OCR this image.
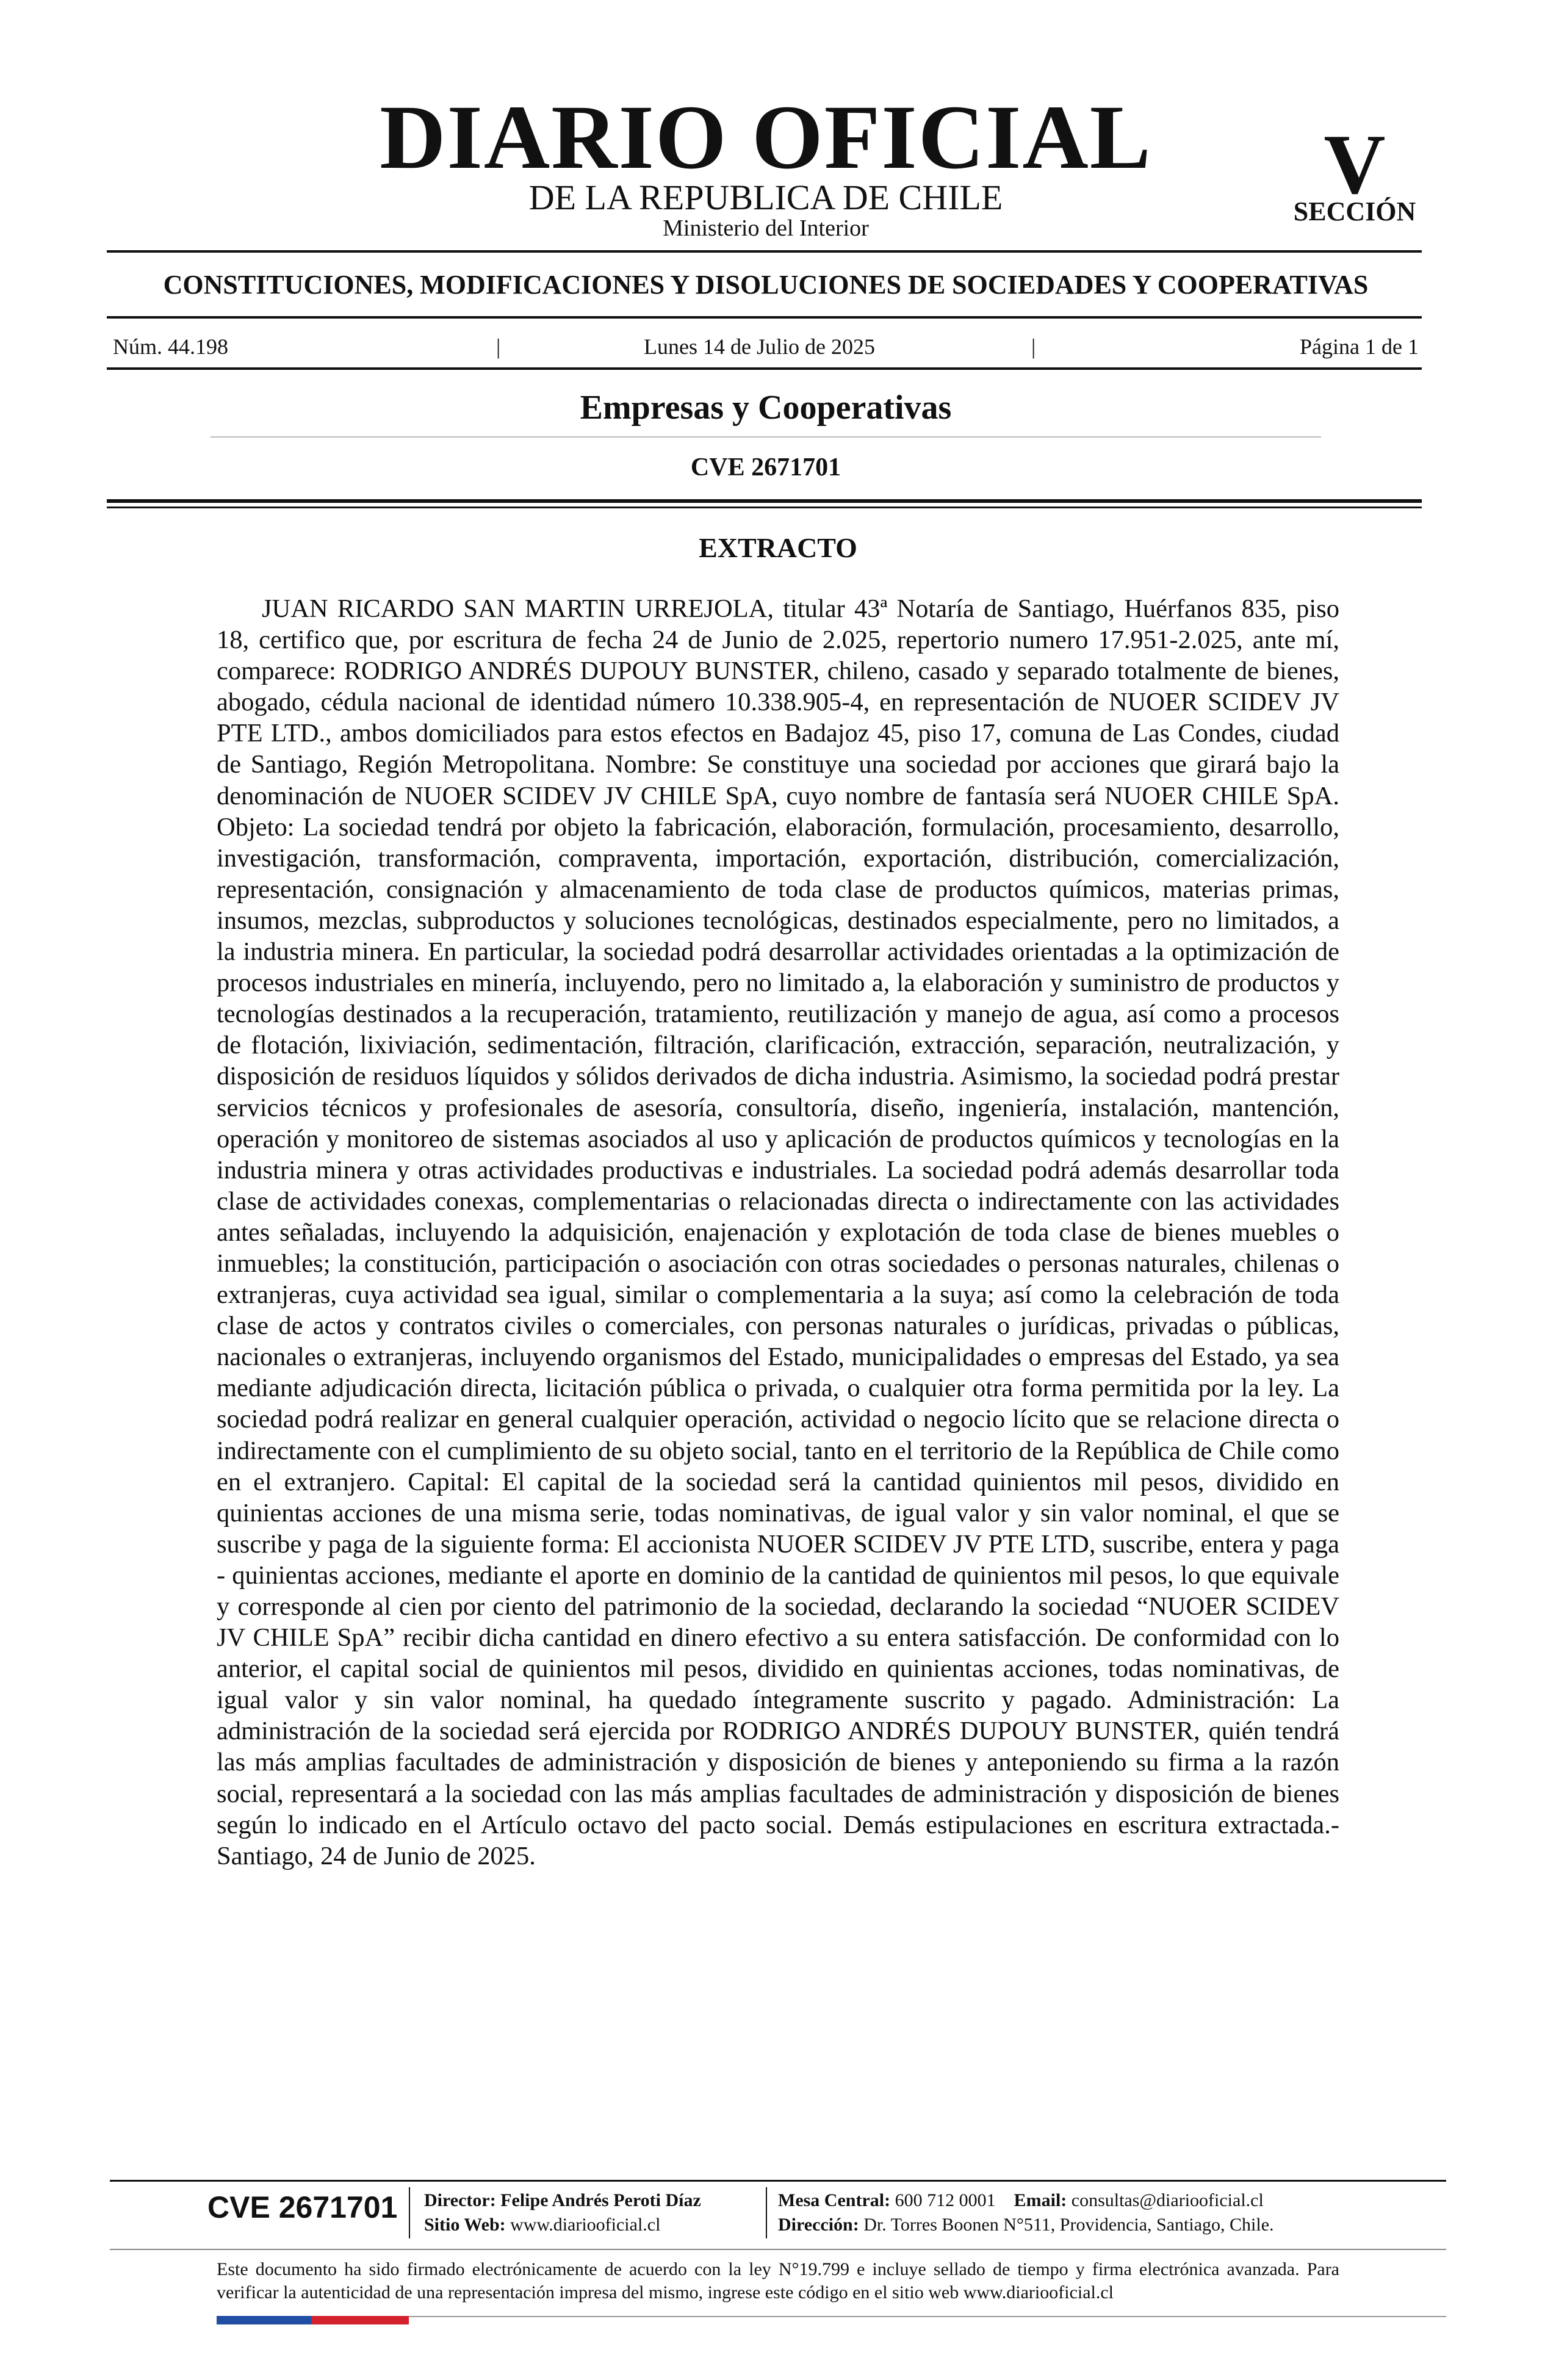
DIARIO OFICIAL
DE LA REPUBLICA DE CHILE
Ministerio del Interior
V
SECCIÓN
CONSTITUCIONES, MODIFICACIONES Y DISOLUCIONES DE SOCIEDADES Y COOPERATIVAS
Núm. 44.198	|	Lunes 14 de Julio de 2025	|	Página 1 de 1
Empresas y Cooperativas
CVE 2671701
EXTRACTO

JUAN RICARDO SAN MARTIN URREJOLA, titular 43ª Notaría de Santiago, Huérfanos 835, piso 18, certifico que, por escritura de fecha 24 de Junio de 2.025, repertorio numero 17.951-2.025, ante mí, comparece: RODRIGO ANDRÉS DUPOUY BUNSTER, chileno, casado y separado totalmente de bienes, abogado, cédula nacional de identidad número 10.338.905-4, en representación de NUOER SCIDEV JV PTE LTD., ambos domiciliados para estos efectos en Badajoz 45, piso 17, comuna de Las Condes, ciudad de Santiago, Región Metropolitana. Nombre: Se constituye una sociedad por acciones que girará bajo la denominación de NUOER SCIDEV JV CHILE SpA, cuyo nombre de fantasía será NUOER CHILE SpA. Objeto: La sociedad tendrá por objeto la fabricación, elaboración, formulación, procesamiento, desarrollo, investigación, transformación, compraventa, importación, exportación, distribución, comercialización, representación, consignación y almacenamiento de toda clase de productos químicos, materias primas, insumos, mezclas, subproductos y soluciones tecnológicas, destinados especialmente, pero no limitados, a la industria minera. En particular, la sociedad podrá desarrollar actividades orientadas a la optimización de procesos industriales en minería, incluyendo, pero no limitado a, la elaboración y suministro de productos y tecnologías destinados a la recuperación, tratamiento, reutilización y manejo de agua, así como a procesos de flotación, lixiviación, sedimentación, filtración, clarificación, extracción, separación, neutralización, y disposición de residuos líquidos y sólidos derivados de dicha industria. Asimismo, la sociedad podrá prestar servicios técnicos y profesionales de asesoría, consultoría, diseño, ingeniería, instalación, mantención, operación y monitoreo de sistemas asociados al uso y aplicación de productos químicos y tecnologías en la industria minera y otras actividades productivas e industriales. La sociedad podrá además desarrollar toda clase de actividades conexas, complementarias o relacionadas directa o indirectamente con las actividades antes señaladas, incluyendo la adquisición, enajenación y explotación de toda clase de bienes muebles o inmuebles; la constitución, participación o asociación con otras sociedades o personas naturales, chilenas o extranjeras, cuya actividad sea igual, similar o complementaria a la suya; así como la celebración de toda clase de actos y contratos civiles o comerciales, con personas naturales o jurídicas, privadas o públicas, nacionales o extranjeras, incluyendo organismos del Estado, municipalidades o empresas del Estado, ya sea mediante adjudicación directa, licitación pública o privada, o cualquier otra forma permitida por la ley. La sociedad podrá realizar en general cualquier operación, actividad o negocio lícito que se relacione directa o indirectamente con el cumplimiento de su objeto social, tanto en el territorio de la República de Chile como en el extranjero. Capital: El capital de la sociedad será la cantidad quinientos mil pesos, dividido en quinientas acciones de una misma serie, todas nominativas, de igual valor y sin valor nominal, el que se suscribe y paga de la siguiente forma: El accionista NUOER SCIDEV JV PTE LTD, suscribe, entera y paga - quinientas acciones, mediante el aporte en dominio de la cantidad de quinientos mil pesos, lo que equivale y corresponde al cien por ciento del patrimonio de la sociedad, declarando la sociedad “NUOER SCIDEV JV CHILE SpA” recibir dicha cantidad en dinero efectivo a su entera satisfacción. De conformidad con lo anterior, el capital social de quinientos mil pesos, dividido en quinientas acciones, todas nominativas, de igual valor y sin valor nominal, ha quedado íntegramente suscrito y pagado. Administración: La administración de la sociedad será ejercida por RODRIGO ANDRÉS DUPOUY BUNSTER, quién tendrá las más amplias facultades de administración y disposición de bienes y anteponiendo su firma a la razón social, representará a la sociedad con las más amplias facultades de administración y disposición de bienes según lo indicado en el Artículo octavo del pacto social. Demás estipulaciones en escritura extractada.- Santiago, 24 de Junio de 2025.

CVE 2671701 Director: Felipe Andrés Peroti Díaz
Sitio Web: www.diariooficial.cl
Mesa Central: 600 712 0001 Email: consultas@diariooficial.cl
Dirección: Dr. Torres Boonen N°511, Providencia, Santiago, Chile.
Este documento ha sido firmado electrónicamente de acuerdo con la ley N°19.799 e incluye sellado de tiempo y firma electrónica avanzada. Para verificar la autenticidad de una representación impresa del mismo, ingrese este código en el sitio web www.diariooficial.cl
